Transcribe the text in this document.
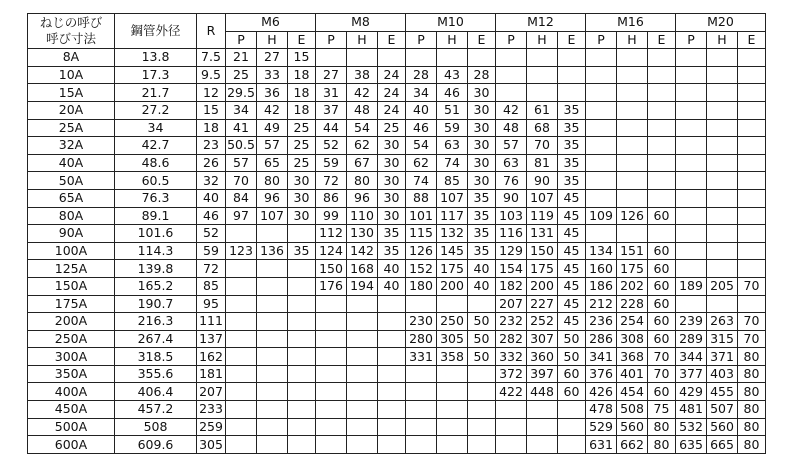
ねじの呼び
呼び寸法	鋼管外径	R	M6			M8			M10			M12			M16			M20		
			P	H	E	P	H	E	P	H	E	P	H	E	P	H	E	P	H	E
8A	13.8	7.5	21	27	15															
10A	17.3	9.5	25	33	18	27	38	24	28	43	28									
15A	21.7	12	29.5	36	18	31	42	24	34	46	30									
20A	27.2	15	34	42	18	37	48	24	40	51	30	42	61	35						
25A	34	18	41	49	25	44	54	25	46	59	30	48	68	35						
32A	42.7	23	50.5	57	25	52	62	30	54	63	30	57	70	35						
40A	48.6	26	57	65	25	59	67	30	62	74	30	63	81	35						
50A	60.5	32	70	80	30	72	80	30	74	85	30	76	90	35						
65A	76.3	40	84	96	30	86	96	30	88	107	35	90	107	45						
80A	89.1	46	97	107	30	99	110	30	101	117	35	103	119	45	109	126	60			
90A	101.6	52				112	130	35	115	132	35	116	131	45						
100A	114.3	59	123	136	35	124	142	35	126	145	35	129	150	45	134	151	60			
125A	139.8	72				150	168	40	152	175	40	154	175	45	160	175	60			
150A	165.2	85				176	194	40	180	200	40	182	200	45	186	202	60	189	205	70
175A	190.7	95										207	227	45	212	228	60			
200A	216.3	111							230	250	50	232	252	45	236	254	60	239	263	70
250A	267.4	137							280	305	50	282	307	50	286	308	60	289	315	70
300A	318.5	162							331	358	50	332	360	50	341	368	70	344	371	80
350A	355.6	181										372	397	60	376	401	70	377	403	80
400A	406.4	207										422	448	60	426	454	60	429	455	80
450A	457.2	233													478	508	75	481	507	80
500A	508	259													529	560	80	532	560	80
600A	609.6	305													631	662	80	635	665	80
